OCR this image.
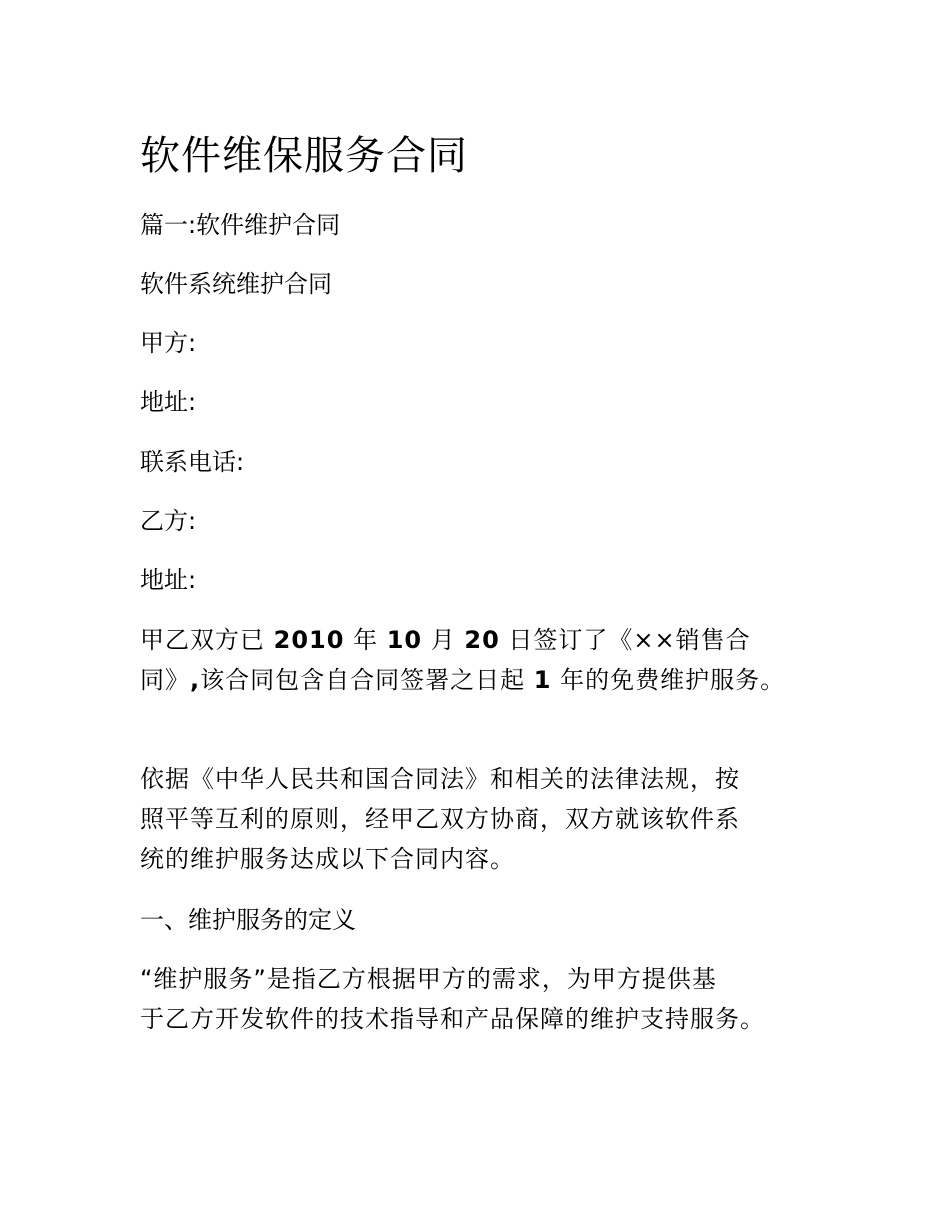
软件维保服务合同

篇一:软件维护合同

软件系统维护合同

甲方:

地址:

联系电话:

乙方:

地址:

甲乙双方已 2010 年 10 月 20 日签订了《××销售合
同》,该合同包含自合同签署之日起 1 年的免费维护服务。
依据《中华人民共和国合同法》和相关的法律法规，按
照平等互利的原则，经甲乙双方协商，双方就该软件系
统的维护服务达成以下合同内容。

一、维护服务的定义

“维护服务”是指乙方根据甲方的需求，为甲方提供基
于乙方开发软件的技术指导和产品保障的维护支持服务。
